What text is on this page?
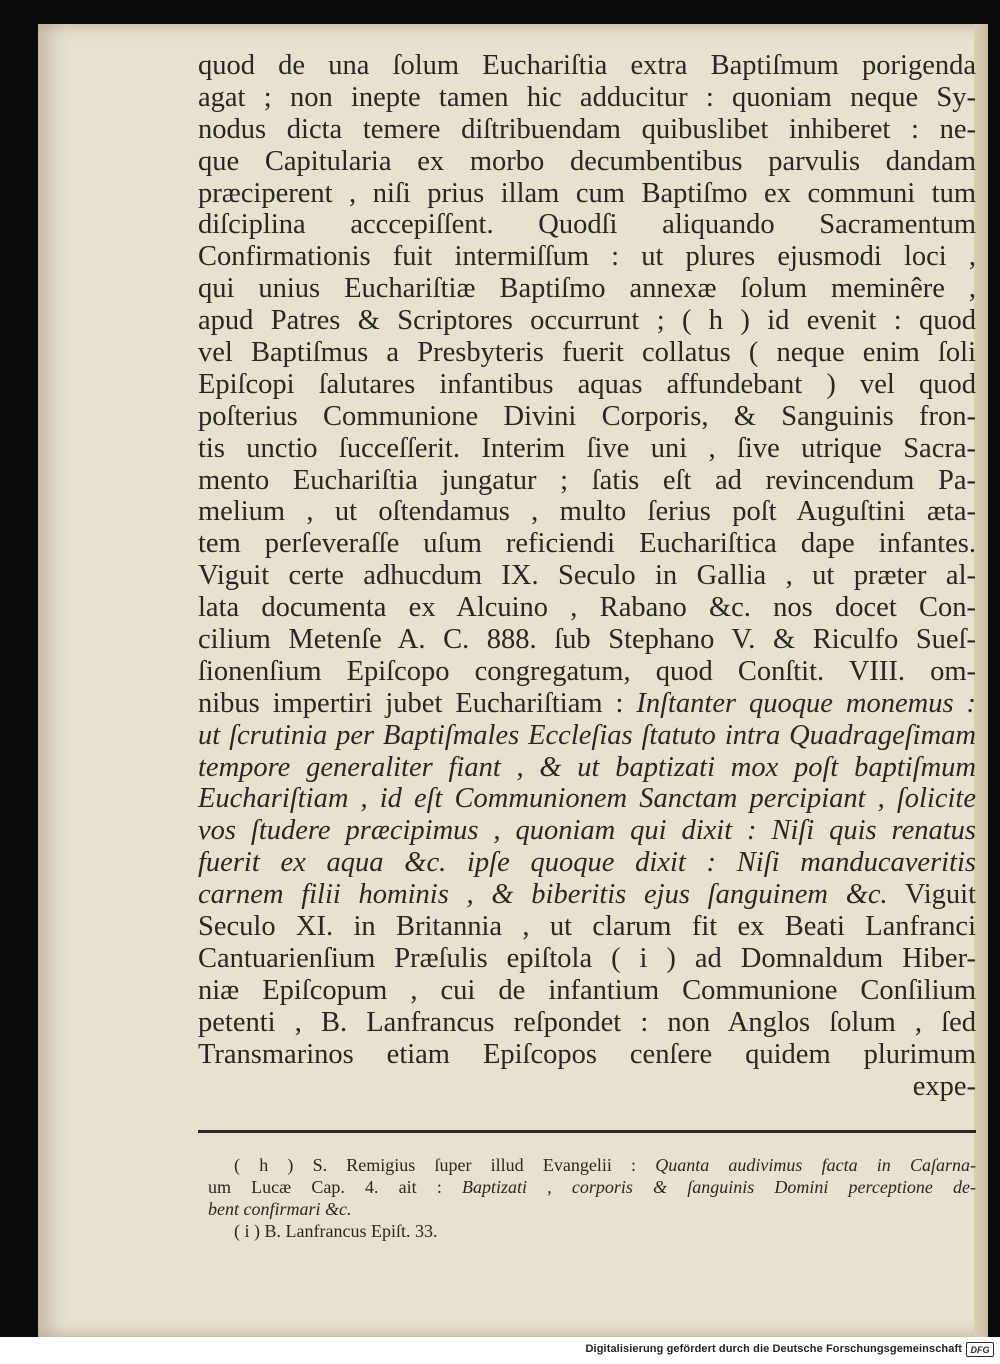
quod de una ſolum Euchariſtia extra Baptiſmum porigenda
agat ; non inepte tamen hic adducitur : quoniam neque Sy-
nodus dicta temere diſtribuendam quibuslibet inhiberet : ne-
que Capitularia ex morbo decumbentibus parvulis dandam
præciperent , niſi prius illam cum Baptiſmo ex communi tum
diſciplina acccepiſſent. Quodſi aliquando Sacramentum
Confirmationis fuit intermiſſum : ut plures ejusmodi loci ,
qui unius Euchariſtiæ Baptiſmo annexæ ſolum meminêre ,
apud Patres & Scriptores occurrunt ; ( h ) id evenit : quod
vel Baptiſmus a Presbyteris fuerit collatus ( neque enim ſoli
Epiſcopi ſalutares infantibus aquas affundebant ) vel quod
poſterius Communione Divini Corporis, & Sanguinis fron-
tis unctio ſucceſſerit. Interim ſive uni , ſive utrique Sacra-
mento Euchariſtia jungatur ; ſatis eſt ad revincendum Pa-
melium , ut oſtendamus , multo ſerius poſt Auguſtini æta-
tem perſeveraſſe uſum reficiendi Euchariſtica dape infantes.
Viguit certe adhucdum IX. Seculo in Gallia , ut præter al-
lata documenta ex Alcuino , Rabano &c. nos docet Con-
cilium Metenſe A. C. 888. ſub Stephano V. & Riculfo Sueſ-
ſionenſium Epiſcopo congregatum, quod Conſtit. VIII. om-
nibus impertiri jubet Euchariſtiam : Inſtanter quoque monemus :
ut ſcrutinia per Baptiſmales Eccleſias ſtatuto intra Quadrageſimam
tempore generaliter fiant , & ut baptizati mox poſt baptiſmum
Euchariſtiam , id eſt Communionem Sanctam percipiant , ſolicite
vos ſtudere præcipimus , quoniam qui dixit : Niſi quis renatus
fuerit ex aqua &c. ipſe quoque dixit : Niſi manducaveritis
carnem filii hominis , & biberitis ejus ſanguinem &c. Viguit
Seculo XI. in Britannia , ut clarum fit ex Beati Lanfranci
Cantuarienſium Præſulis epiſtola ( i ) ad Domnaldum Hiber-
niæ Epiſcopum , cui de infantium Communione Conſilium
petenti , B. Lanfrancus reſpondet : non Anglos ſolum , ſed
Transmarinos etiam Epiſcopos cenſere quidem plurimum
expe-
( h ) S. Remigius ſuper illud Evangelii : Quanta audivimus facta in Caſarna-
um Lucæ Cap. 4. ait : Baptizati , corporis & ſanguinis Domini perceptione de-
bent confirmari &c.
( i ) B. Lanfrancus Epiſt. 33.
Digitalisierung gefördert durch die Deutsche Forschungsgemeinschaft DFG
